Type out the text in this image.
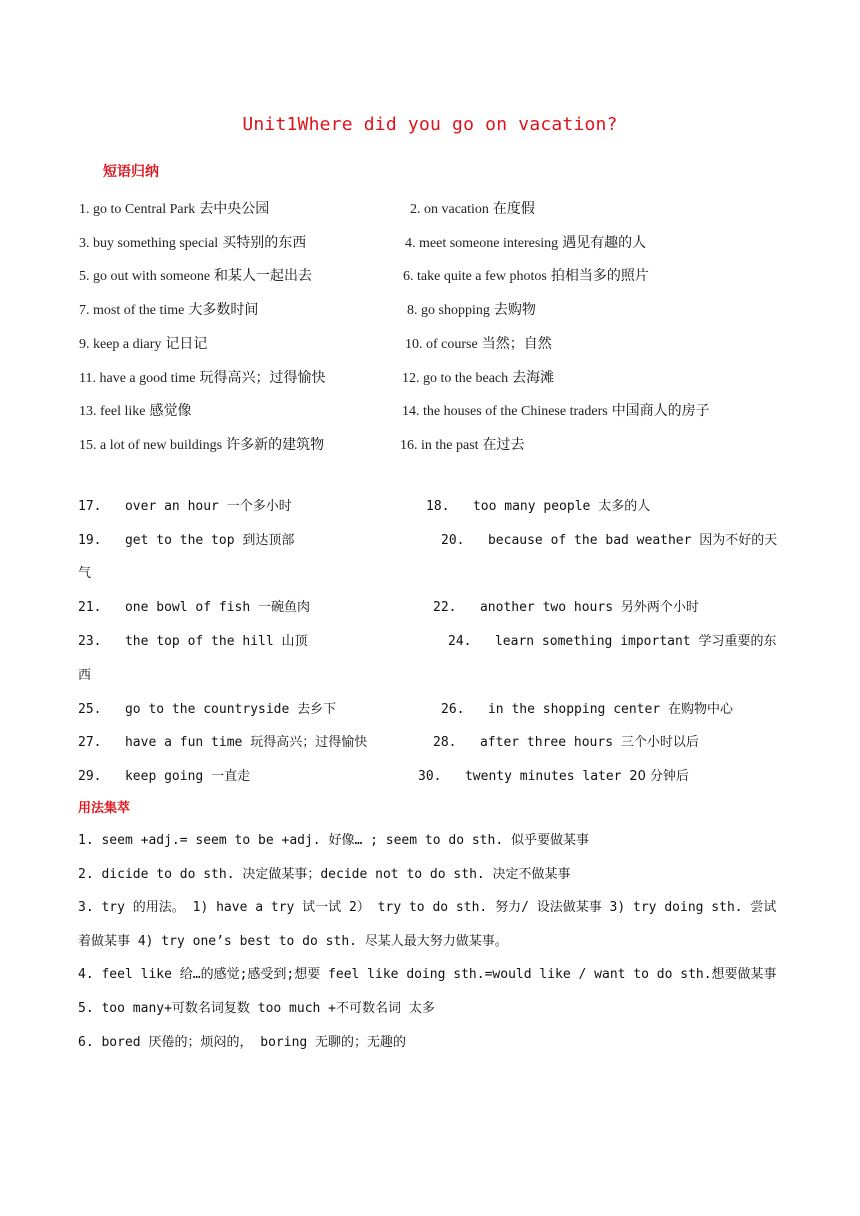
Unit1Where did you go on vacation?
短语归纳
1. go to Central Park 去中央公园	2. on vacation 在度假
3. buy something special 买特别的东西	4. meet someone interesing 遇见有趣的人
5. go out with someone 和某人一起出去	6. take quite a few photos 拍相当多的照片
7. most of the time 大多数时间	8. go shopping 去购物
9. keep a diary 记日记	10. of course 当然；自然
11. have a good time 玩得高兴；过得愉快	12. go to the beach 去海滩
13. feel like 感觉像	14. the houses of the Chinese traders 中国商人的房子
15. a lot of new buildings 许多新的建筑物	16. in the past 在过去
17. over an hour 一个多小时	18. too many people 太多的人
19. get to the top 到达顶部	20. because of the bad weather 因为不好的天
气
21. one bowl of fish 一碗鱼肉	22. another two hours 另外两个小时
23. the top of the hill 山顶	24. learn something important 学习重要的东
西
25. go to the countryside 去乡下	26. in the shopping center 在购物中心
27. have a fun time 玩得高兴；过得愉快	28. after three hours 三个小时以后
29. keep going 一直走	30. twenty minutes later 20 分钟后
用法集萃
1. seem +adj.= seem to be +adj. 好像… ; seem to do sth. 似乎要做某事
2. dicide to do sth. 决定做某事；decide not to do sth. 决定不做某事
3. try 的用法。 1) have a try 试一试 2） try to do sth. 努力/ 设法做某事 3) try doing sth. 尝试着做某事 4) try one’s best to do sth. 尽某人最大努力做某事。
4. feel like 给…的感觉;感受到;想要 feel like doing sth.=would like / want to do sth.想要做某事
5. too many+可数名词复数 too much +不可数名词 太多
6. bored 厌倦的；烦闷的， boring 无聊的；无趣的
